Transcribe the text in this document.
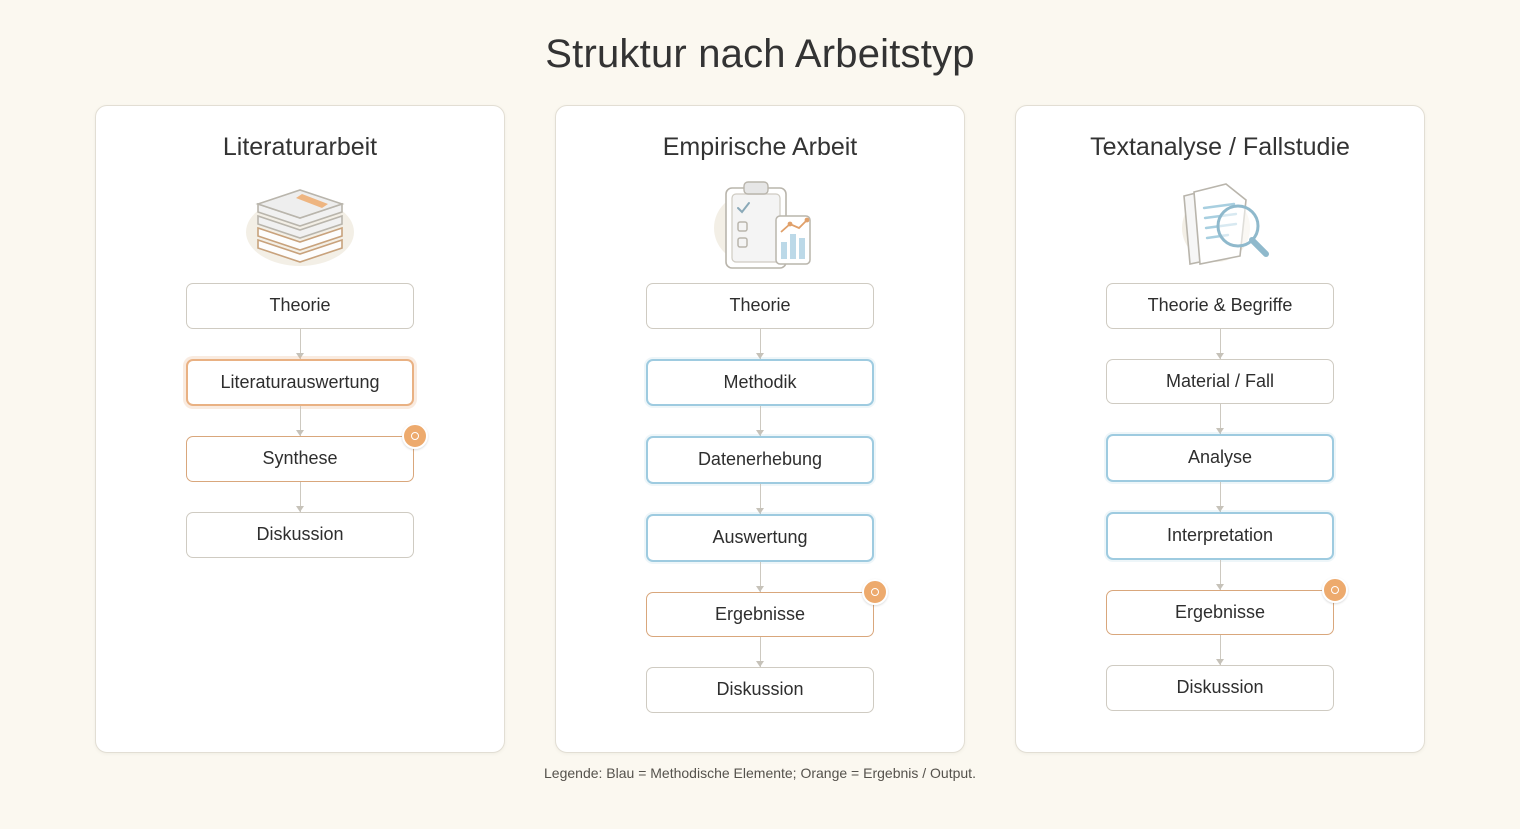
Struktur nach Arbeitstyp
Literaturarbeit
Theorie
Literaturauswertung
Synthese
Diskussion
Empirische Arbeit
Theorie
Methodik
Datenerhebung
Auswertung
Ergebnisse
Diskussion
Textanalyse / Fallstudie
Theorie & Begriffe
Material / Fall
Analyse
Interpretation
Ergebnisse
Diskussion
Legende: Blau = Methodische Elemente; Orange = Ergebnis / Output.
